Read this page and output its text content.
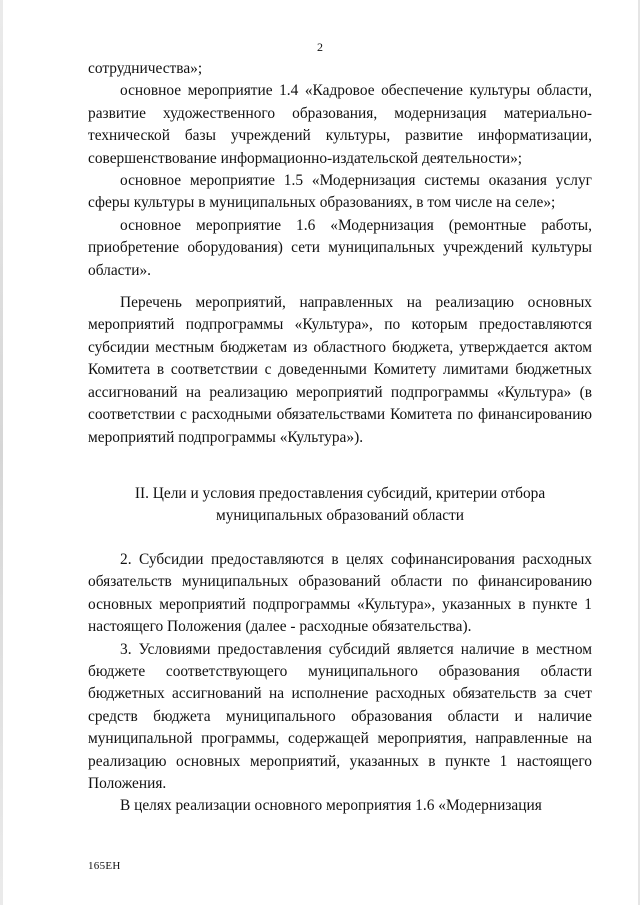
2

сотрудничества»;

основное мероприятие 1.4 «Кадровое обеспечение культуры области, развитие художественного образования, модернизация материально-технической базы учреждений культуры, развитие информатизации, совершенствование информационно-издательской деятельности»;

основное мероприятие 1.5 «Модернизация системы оказания услуг сферы культуры в муниципальных образованиях, в том числе на селе»;

основное мероприятие 1.6 «Модернизация (ремонтные работы, приобретение оборудования) сети муниципальных учреждений культуры области».

Перечень мероприятий, направленных на реализацию основных мероприятий подпрограммы «Культура», по которым предоставляются субсидии местным бюджетам из областного бюджета, утверждается актом Комитета в соответствии с доведенными Комитету лимитами бюджетных ассигнований на реализацию мероприятий подпрограммы «Культура» (в соответствии с расходными обязательствами Комитета по финансированию мероприятий подпрограммы «Культура»).

II. Цели и условия предоставления субсидий, критерии отбора

муниципальных образований области

2. Субсидии предоставляются в целях софинансирования расходных обязательств муниципальных образований области по финансированию основных мероприятий подпрограммы «Культура», указанных в пункте 1 настоящего Положения (далее - расходные обязательства).

3. Условиями предоставления субсидий является наличие в местном бюджете соответствующего муниципального образования области бюджетных ассигнований на исполнение расходных обязательств за счет средств бюджета муниципального образования области и наличие муниципальной программы, содержащей мероприятия, направленные на реализацию основных мероприятий, указанных в пункте 1 настоящего Положения.

В целях реализации основного мероприятия 1.6 «Модернизация

165ЕН
